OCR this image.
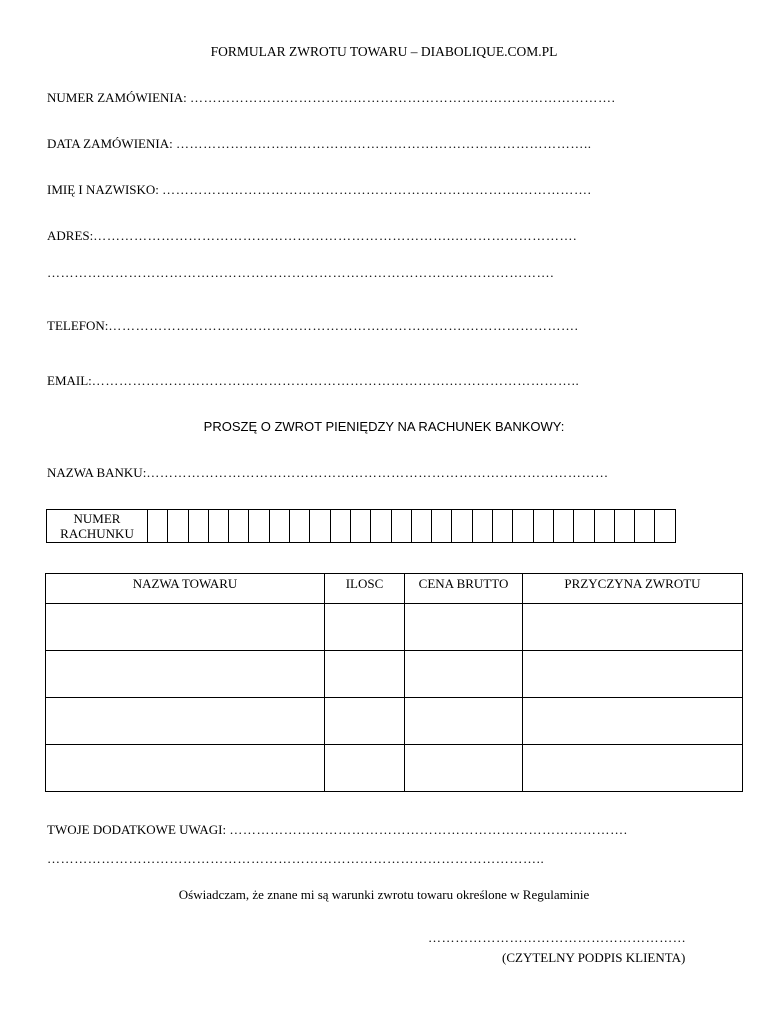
FORMULAR ZWROTU TOWARU – DIABOLIQUE.COM.PL
NUMER ZAMÓWIENIA: ………………………………………………………………………………….
DATA ZAMÓWIENIA: ………………………………………………………………………………..
IMIĘ I NAZWISKO: …………………………………………………………………….…………….
ADRES:…………………………………………………………………….……………………….
………………………………………………………………………………………………….
TELEFON:…………………………………………………………………….…………………….
EMAIL:…………………………………………………………………….………………………..
PROSZĘ O ZWROT PIENIĘDZY NA RACHUNEK BANKOWY:
NAZWA BANKU:…………………………………………………………………………………………
NUMER
RACHUNKU																										
NAZWA TOWARU	ILOSC	CENA BRUTTO	PRZYCZYNA ZWROTU

TWOJE DODATKOWE UWAGI: …………………………………………………………………………….
………………………………………………………………………………………………..
Oświadczam, że znane mi są warunki zwrotu towaru określone w Regulaminie
…………………………………………………
(CZYTELNY PODPIS KLIENTA)
